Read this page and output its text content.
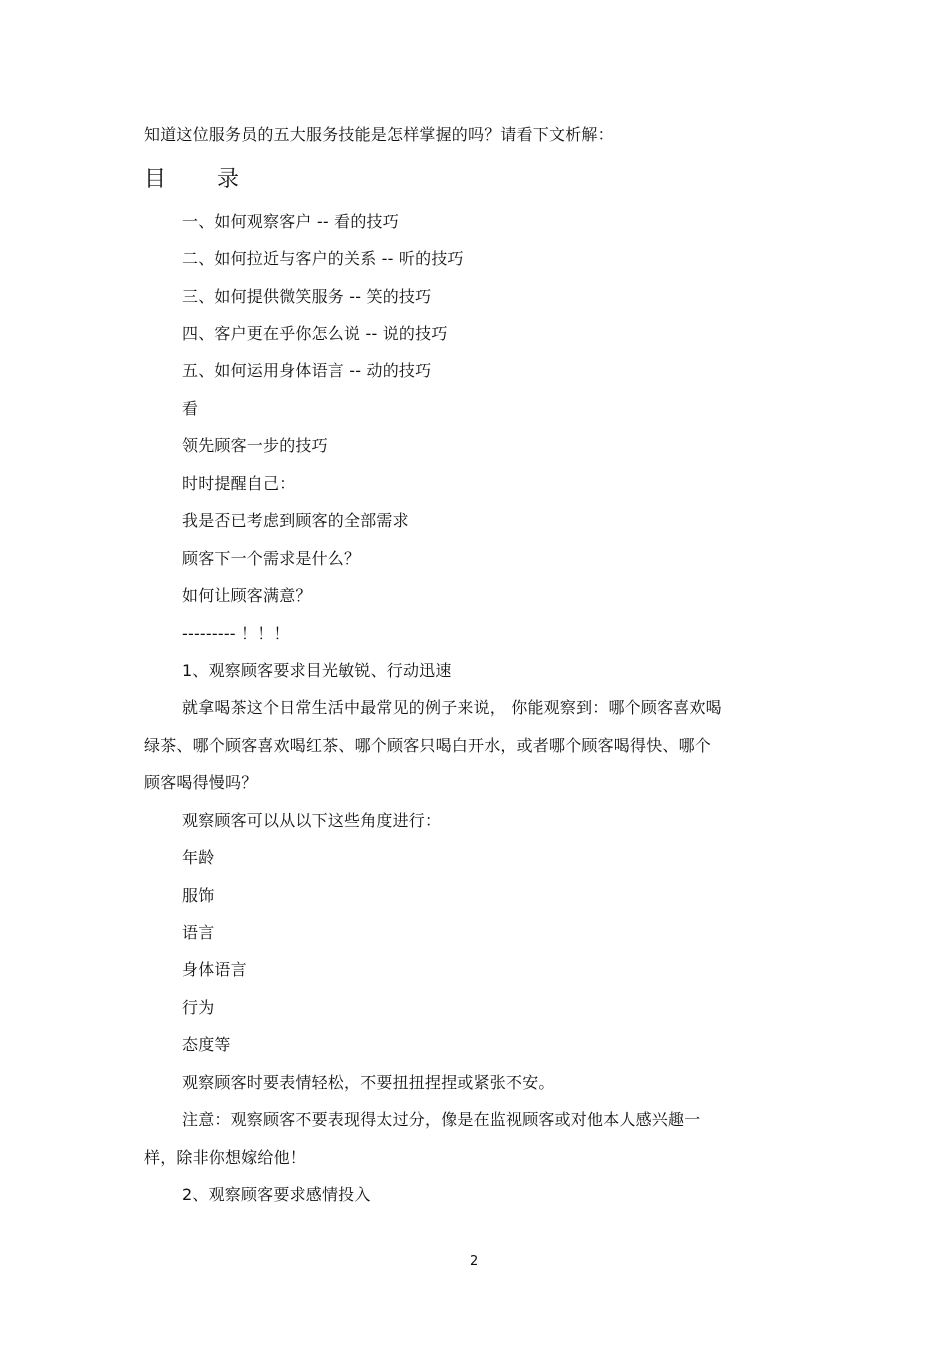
知道这位服务员的五大服务技能是怎样掌握的吗？请看下文析解：
目 录
一、如何观察客户 -- 看的技巧
二、如何拉近与客户的关系 -- 听的技巧
三、如何提供微笑服务 -- 笑的技巧
四、客户更在乎你怎么说 -- 说的技巧
五、如何运用身体语言 -- 动的技巧
看
领先顾客一步的技巧
时时提醒自己：
我是否已考虑到顾客的全部需求
顾客下一个需求是什么？
如何让顾客满意？
--------- ！！！
1、观察顾客要求目光敏锐、行动迅速
就拿喝茶这个日常生活中最常见的例子来说， 你能观察到：哪个顾客喜欢喝
绿茶、哪个顾客喜欢喝红茶、哪个顾客只喝白开水，或者哪个顾客喝得快、哪个
顾客喝得慢吗？
观察顾客可以从以下这些角度进行：
年龄
服饰
语言
身体语言
行为
态度等
观察顾客时要表情轻松，不要扭扭捏捏或紧张不安。
注意：观察顾客不要表现得太过分，像是在监视顾客或对他本人感兴趣一
样，除非你想嫁给他！
2、观察顾客要求感情投入
2
